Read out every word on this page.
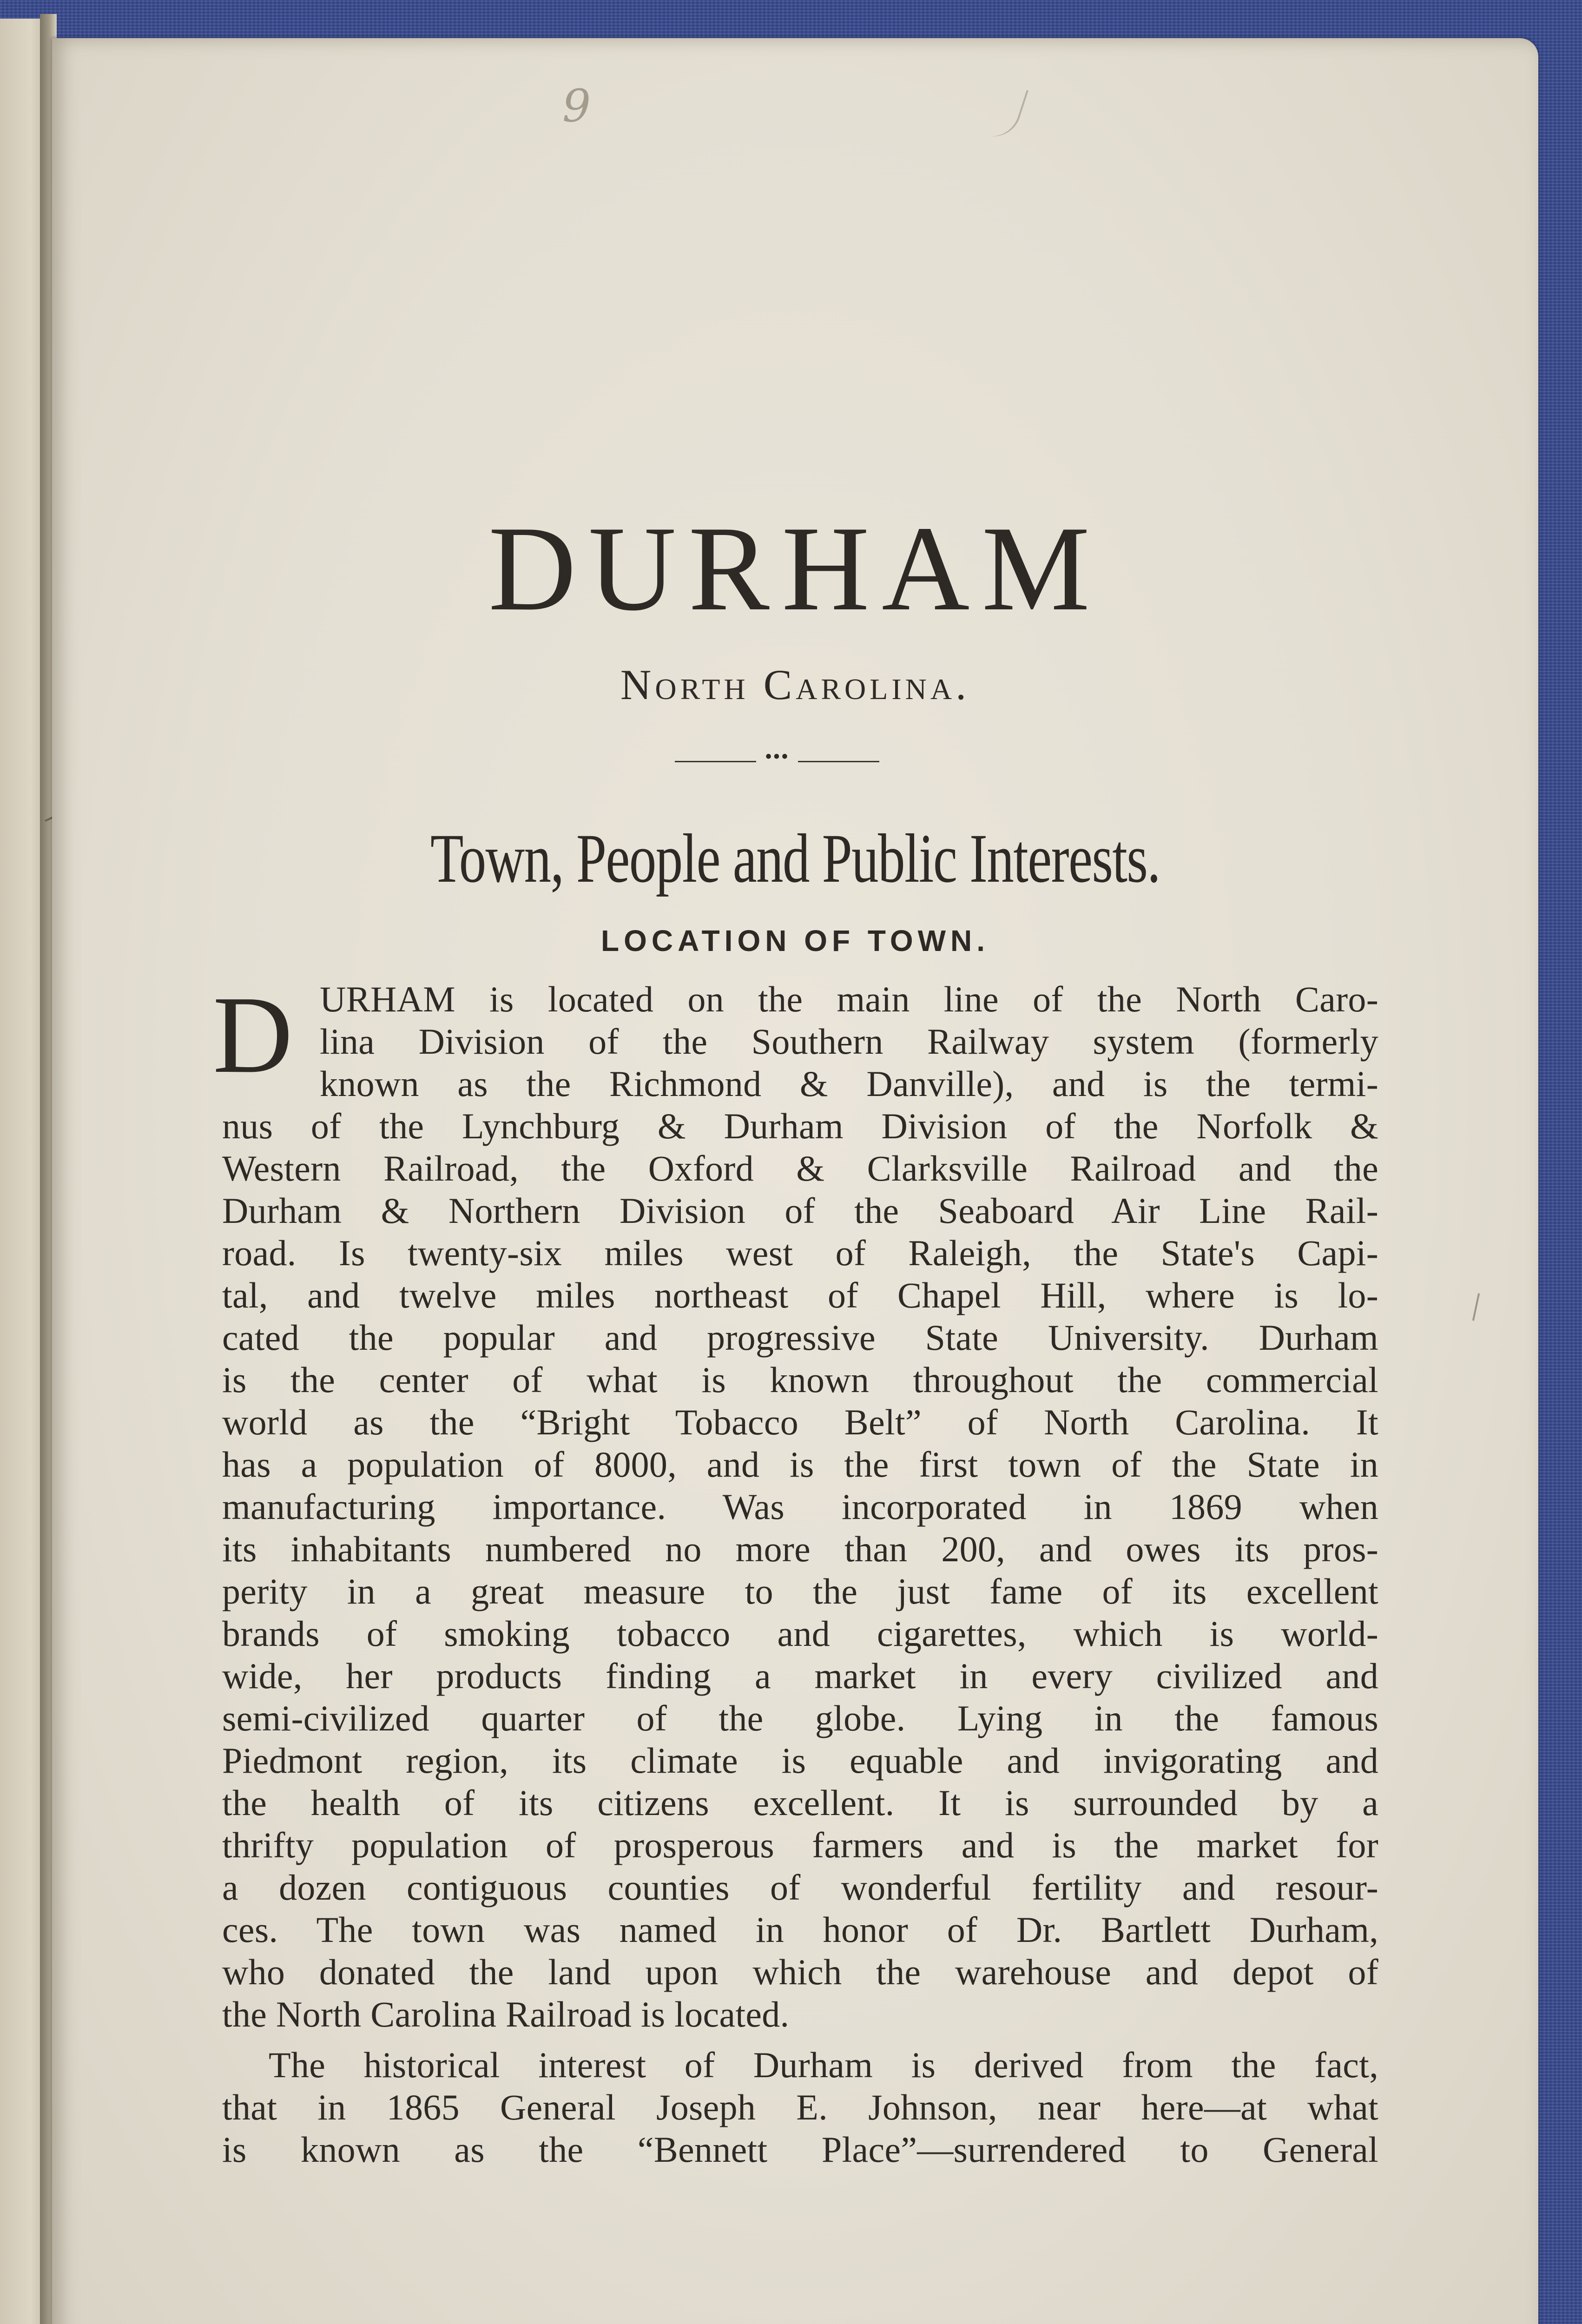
9
DURHAM
North Carolina.
•••
Town, People and Public Interests.
LOCATION OF TOWN.
D URHAM is located on the main line of the North Caro-
lina Division of the Southern Railway system (formerly
known as the Richmond & Danville), and is the termi-
nus of the Lynchburg & Durham Division of the Norfolk &
Western Railroad, the Oxford & Clarksville Railroad and the
Durham & Northern Division of the Seaboard Air Line Rail-
road. Is twenty-six miles west of Raleigh, the State's Capi-
tal, and twelve miles northeast of Chapel Hill, where is lo-
cated the popular and progressive State University. Durham
is the center of what is known throughout the commercial
world as the “Bright Tobacco Belt” of North Carolina. It
has a population of 8000, and is the first town of the State in
manufacturing importance. Was incorporated in 1869 when
its inhabitants numbered no more than 200, and owes its pros-
perity in a great measure to the just fame of its excellent
brands of smoking tobacco and cigarettes, which is world-
wide, her products finding a market in every civilized and
semi-civilized quarter of the globe. Lying in the famous
Piedmont region, its climate is equable and invigorating and
the health of its citizens excellent. It is surrounded by a
thrifty population of prosperous farmers and is the market for
a dozen contiguous counties of wonderful fertility and resour-
ces. The town was named in honor of Dr. Bartlett Durham,
who donated the land upon which the warehouse and depot of
the North Carolina Railroad is located.
The historical interest of Durham is derived from the fact,
that in 1865 General Joseph E. Johnson, near here—at what
is known as the “Bennett Place”—surrendered to General
